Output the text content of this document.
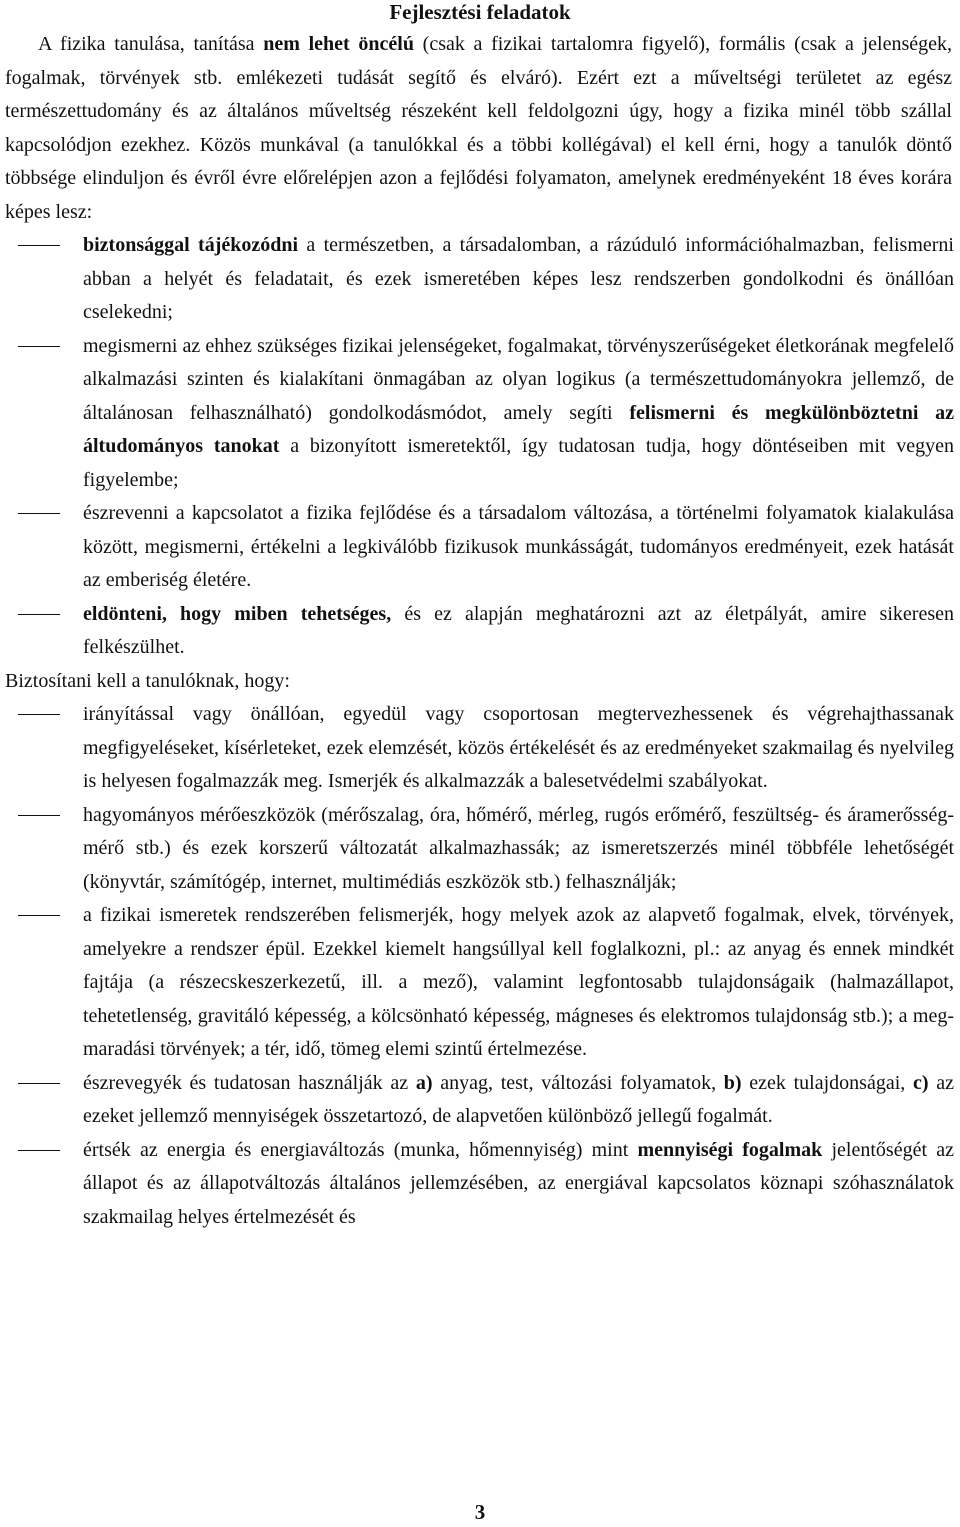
Fejlesztési feladatok

A fizika tanulása, tanítása nem lehet öncélú (csak a fizikai tartalomra figyelő), formális (csak a jelenségek, fogalmak, törvények stb. emlékezeti tudását segítő és elváró). Ezért ezt a műveltségi területet az egész természettudomány és az általános műveltség részeként kell feldolgozni úgy, hogy a fizika minél több szállal kapcsolódjon ezekhez. Közös munkával (a tanulókkal és a többi kollégával) el kell érni, hogy a tanulók döntő többsége elinduljon és évről évre előrelépjen azon a fejlődési folyamaton, amelynek eredményeként 18 éves korára képes lesz:

biztonsággal tájékozódni a természetben, a társadalomban, a rázúduló információhalmazban, felismerni abban a helyét és feladatait, és ezek ismeretében képes lesz rendszerben gondolkodni és önállóan cselekedni;
megismerni az ehhez szükséges fizikai jelenségeket, fogalmakat, törvényszerűségeket életkorának megfelelő alkalmazási szinten és kialakítani önmagában az olyan logikus (a természettudományokra jellemző, de általánosan felhasználható) gondolkodásmódot, amely segíti felismerni és megkülönböztetni az áltudományos tanokat a bizonyított ismeretektől, így tudatosan tudja, hogy döntéseiben mit vegyen figyelembe;
észrevenni a kapcsolatot a fizika fejlődése és a társadalom változása, a történelmi folyamatok kialakulása között, megismerni, értékelni a legkiválóbb fizikusok munkásságát, tudományos eredményeit, ezek hatását az emberiség életére.
eldönteni, hogy miben tehetséges, és ez alapján meghatározni azt az életpályát, amire sikeresen felkészülhet.

Biztosítani kell a tanulóknak, hogy:

irányítással vagy önállóan, egyedül vagy csoportosan megtervezhessenek és végrehajthassanak megfigyeléseket, kísérleteket, ezek elemzését, közös értékelését és az eredményeket szakmailag és nyelvileg is helyesen fogalmazzák meg. Ismerjék és alkalmazzák a balesetvédelmi szabályokat.
hagyományos mérőeszközök (mérőszalag, óra, hőmérő, mérleg, rugós erőmérő, feszültség- és áramerősség-mérő stb.) és ezek korszerű változatát alkalmazhassák; az ismeretszerzés minél többféle lehetőségét (könyvtár, számítógép, internet, multimédiás eszközök stb.) felhasználják;
a fizikai ismeretek rendszerében felismerjék, hogy melyek azok az alapvető fogalmak, elvek, törvények, amelyekre a rendszer épül. Ezekkel kiemelt hangsúllyal kell foglalkozni, pl.: az anyag és ennek mindkét fajtája (a részecskeszerkezetű, ill. a mező), valamint legfontosabb tulajdonságaik (halmazállapot, tehetetlenség, gravitáló képesség, a kölcsönható képesség, mágneses és elektromos tulajdonság stb.); a meg-maradási törvények; a tér, idő, tömeg elemi szintű értelmezése.
észrevegyék és tudatosan használják az a) anyag, test, változási folyamatok, b) ezek tulajdonságai, c) az ezeket jellemző mennyiségek összetartozó, de alapvetően különböző jellegű fogalmát.
értsék az energia és energiaváltozás (munka, hőmennyiség) mint mennyiségi fogalmak jelentőségét az állapot és az állapotváltozás általános jellemzésében, az energiával kapcsolatos köznapi szóhasználatok szakmailag helyes értelmezését és
3
